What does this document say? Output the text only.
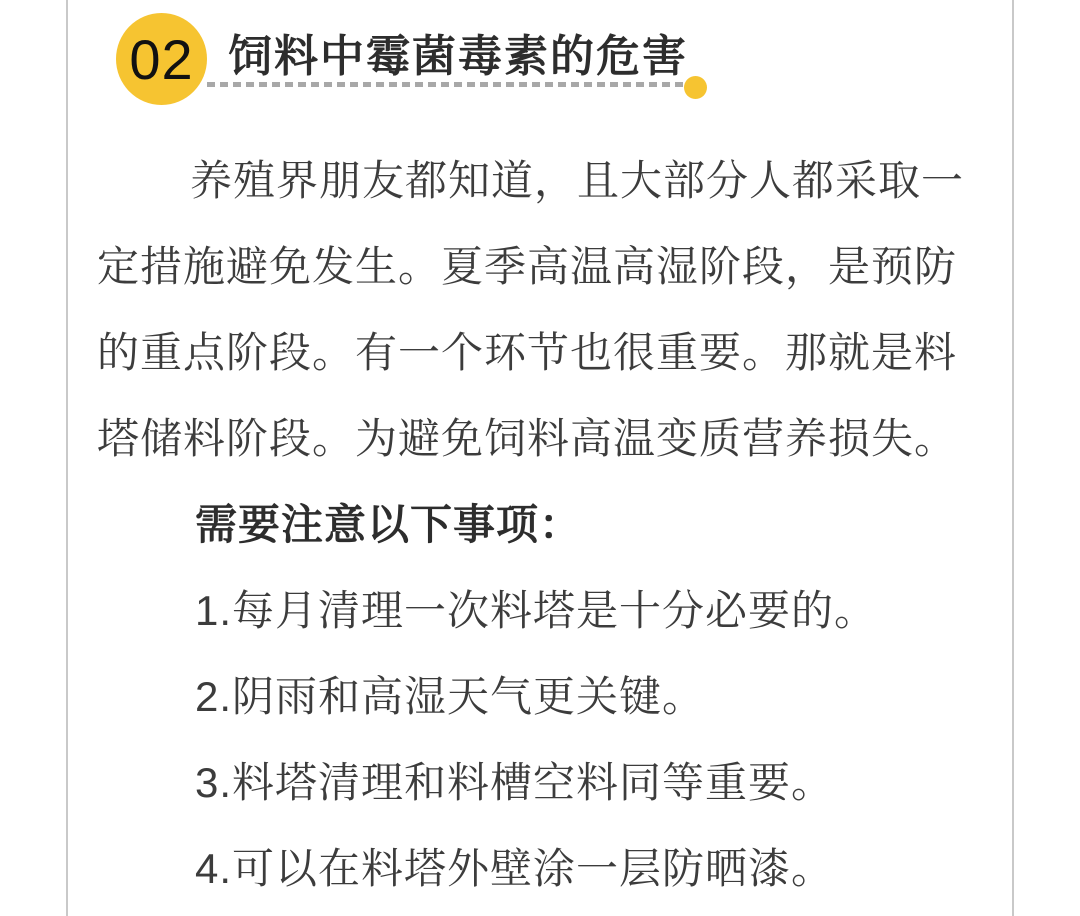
02 饲料中霉菌毒素的危害
养殖界朋友都知道，且大部分人都采取一
定措施避免发生。夏季高温高湿阶段，是预防
的重点阶段。有一个环节也很重要。那就是料
塔储料阶段。为避免饲料高温变质营养损失。
需要注意以下事项：
1.每月清理一次料塔是十分必要的。
2.阴雨和高湿天气更关键。
3.料塔清理和料槽空料同等重要。
4.可以在料塔外壁涂一层防晒漆。
